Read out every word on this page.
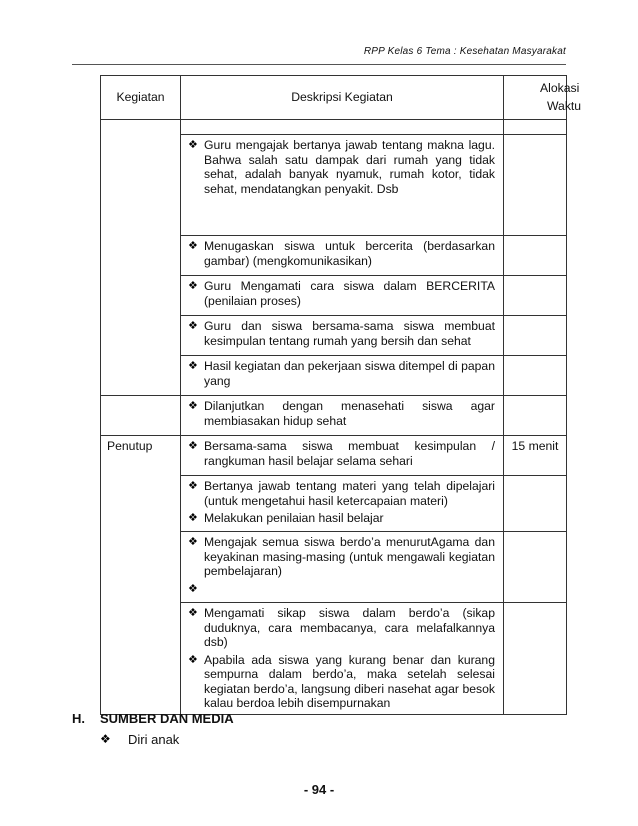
RPP Kelas 6 Tema : Kesehatan Masyarakat
Kegiatan	Deskripsi Kegiatan	Alokasi
Waktu

	❖ Guru mengajak bertanya jawab tentang makna lagu. Bahwa salah satu dampak dari rumah yang tidak sehat, adalah banyak nyamuk, rumah kotor, tidak sehat, mendatangkan penyakit. Dsb	

	❖ Menugaskan siswa untuk bercerita (berdasarkan gambar) (mengkomunikasikan)	

	❖ Guru Mengamati cara siswa dalam BERCERITA (penilaian proses)	

	❖ Guru dan siswa bersama-sama siswa membuat kesimpulan tentang rumah yang bersih dan sehat	

	❖ Hasil kegiatan dan pekerjaan siswa ditempel di papan yang	

	❖ Dilanjutkan dengan menasehati siswa agar membiasakan hidup sehat	

Penutup	❖ Bersama-sama siswa membuat kesimpulan / rangkuman hasil belajar selama sehari	15 menit

	❖ Bertanya jawab tentang materi yang telah dipelajari (untuk mengetahui hasil ketercapaian materi)
❖ Melakukan penilaian hasil belajar	

	❖ Mengajak semua siswa berdo’a menurutAgama dan keyakinan masing-masing (untuk mengawali kegiatan pembelajaran)
❖	

	❖ Mengamati sikap siswa dalam berdo’a (sikap duduknya, cara membacanya, cara melafalkannya dsb)
❖ Apabila ada siswa yang kurang benar dan kurang sempurna dalam berdo’a, maka setelah selesai kegiatan berdo’a, langsung diberi nasehat agar besok kalau berdoa lebih disempurnakan	

H. SUMBER DAN MEDIA
❖	Diri anak
- 94 -
